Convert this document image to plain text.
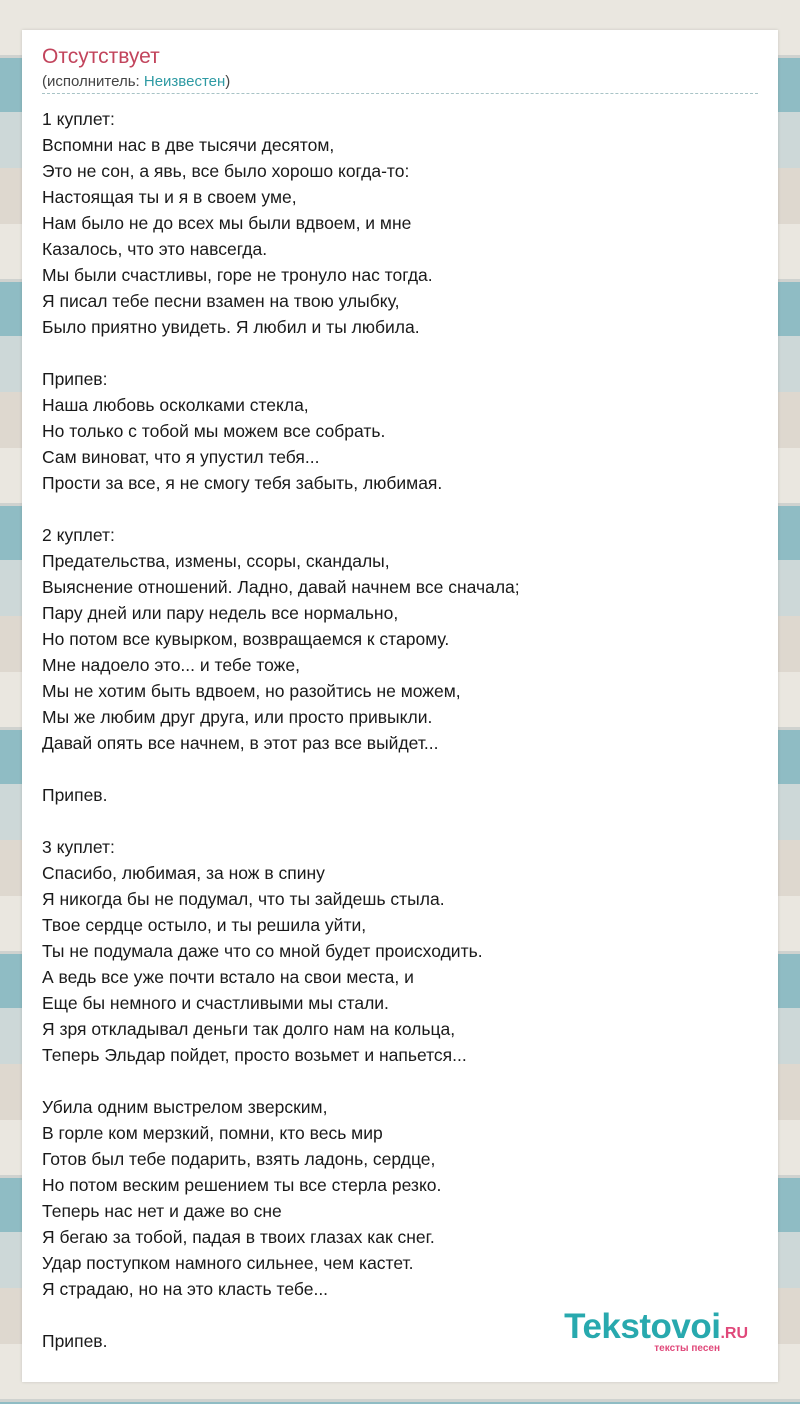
Отсутствует
(исполнитель: Неизвестен)
1 куплет:
Вспомни нас в две тысячи десятом,
Это не сон, а явь, все было хорошо когда-то:
Настоящая ты и я в своем уме,
Нам было не до всех мы были вдвоем, и мне
Казалось, что это навсегда.
Мы были счастливы, горе не тронуло нас тогда.
Я писал тебе песни взамен на твою улыбку,
Было приятно увидеть. Я любил и ты любила.

Припев:
Наша любовь осколками стекла,
Но только с тобой мы можем все собрать.
Сам виноват, что я упустил тебя...
Прости за все, я не смогу тебя забыть, любимая.

2 куплет:
Предательства, измены, ссоры, скандалы,
Выяснение отношений. Ладно, давай начнем все сначала;
Пару дней или пару недель все нормально,
Но потом все кувырком, возвращаемся к старому.
Мне надоело это... и тебе тоже,
Мы не хотим быть вдвоем, но разойтись не можем,
Мы же любим друг друга, или просто привыкли.
Давай опять все начнем, в этот раз все выйдет...

Припев.

3 куплет:
Спасибо, любимая, за нож в спину
Я никогда бы не подумал, что ты зайдешь стыла.
Твое сердце остыло, и ты решила уйти,
Ты не подумала даже что со мной будет происходить.
А ведь все уже почти встало на свои места, и
Еще бы немного и счастливыми мы стали.
Я зря откладывал деньги так долго нам на кольца,
Теперь Эльдар пойдет, просто возьмет и напьется...

Убила одним выстрелом зверским,
В горле ком мерзкий, помни, кто весь мир
Готов был тебе подарить, взять ладонь, сердце,
Но потом веским решением ты все стерла резко.
Теперь нас нет и даже во сне
Я бегаю за тобой, падая в твоих глазах как снег.
Удар поступком намного сильнее, чем кастет.
Я страдаю, но на это класть тебе...

Припев.	Tekstovoi.RU
тексты песен
